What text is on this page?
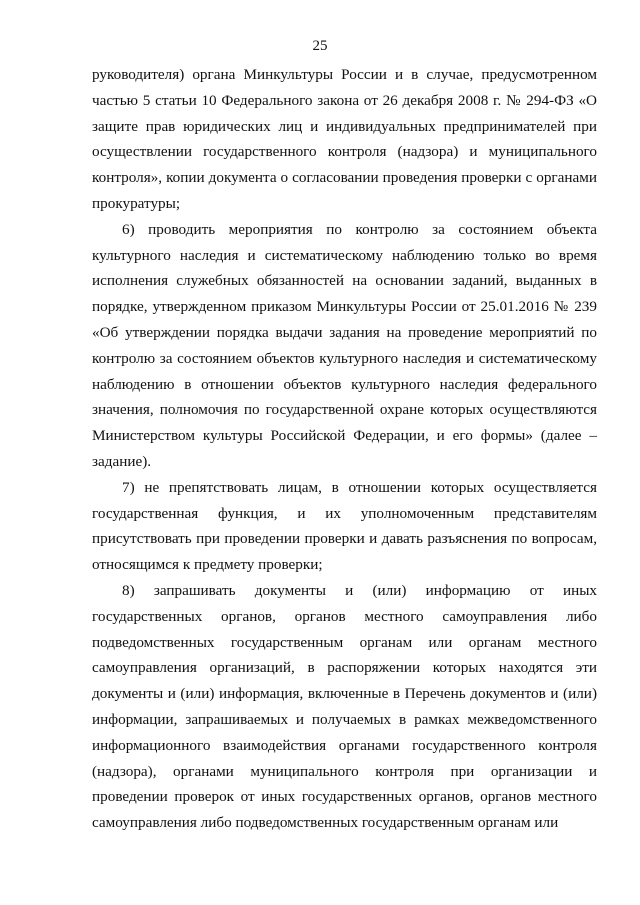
25

руководителя) органа Минкультуры России и в случае, предусмотренном частью 5 статьи 10 Федерального закона от 26 декабря 2008 г. № 294-ФЗ «О защите прав юридических лиц и индивидуальных предпринимателей при осуществлении государственного контроля (надзора) и муниципального контроля», копии документа о согласовании проведения проверки с органами прокуратуры;

6) проводить мероприятия по контролю за состоянием объекта культурного наследия и систематическому наблюдению только во время исполнения служебных обязанностей на основании заданий, выданных в порядке, утвержденном приказом Минкультуры России от 25.01.2016 № 239 «Об утверждении порядка выдачи задания на проведение мероприятий по контролю за состоянием объектов культурного наследия и систематическому наблюдению в отношении объектов культурного наследия федерального значения, полномочия по государственной охране которых осуществляются Министерством культуры Российской Федерации, и его формы» (далее – задание).

7) не препятствовать лицам, в отношении которых осуществляется государственная функция, и их уполномоченным представителям присутствовать при проведении проверки и давать разъяснения по вопросам, относящимся к предмету проверки;

8) запрашивать документы и (или) информацию от иных государственных органов, органов местного самоуправления либо подведомственных государственным органам или органам местного самоуправления организаций, в распоряжении которых находятся эти документы и (или) информация, включенные в Перечень документов и (или) информации, запрашиваемых и получаемых в рамках межведомственного информационного взаимодействия органами государственного контроля (надзора), органами муниципального контроля при организации и проведении проверок от иных государственных органов, органов местного самоуправления либо подведомственных государственным органам или
